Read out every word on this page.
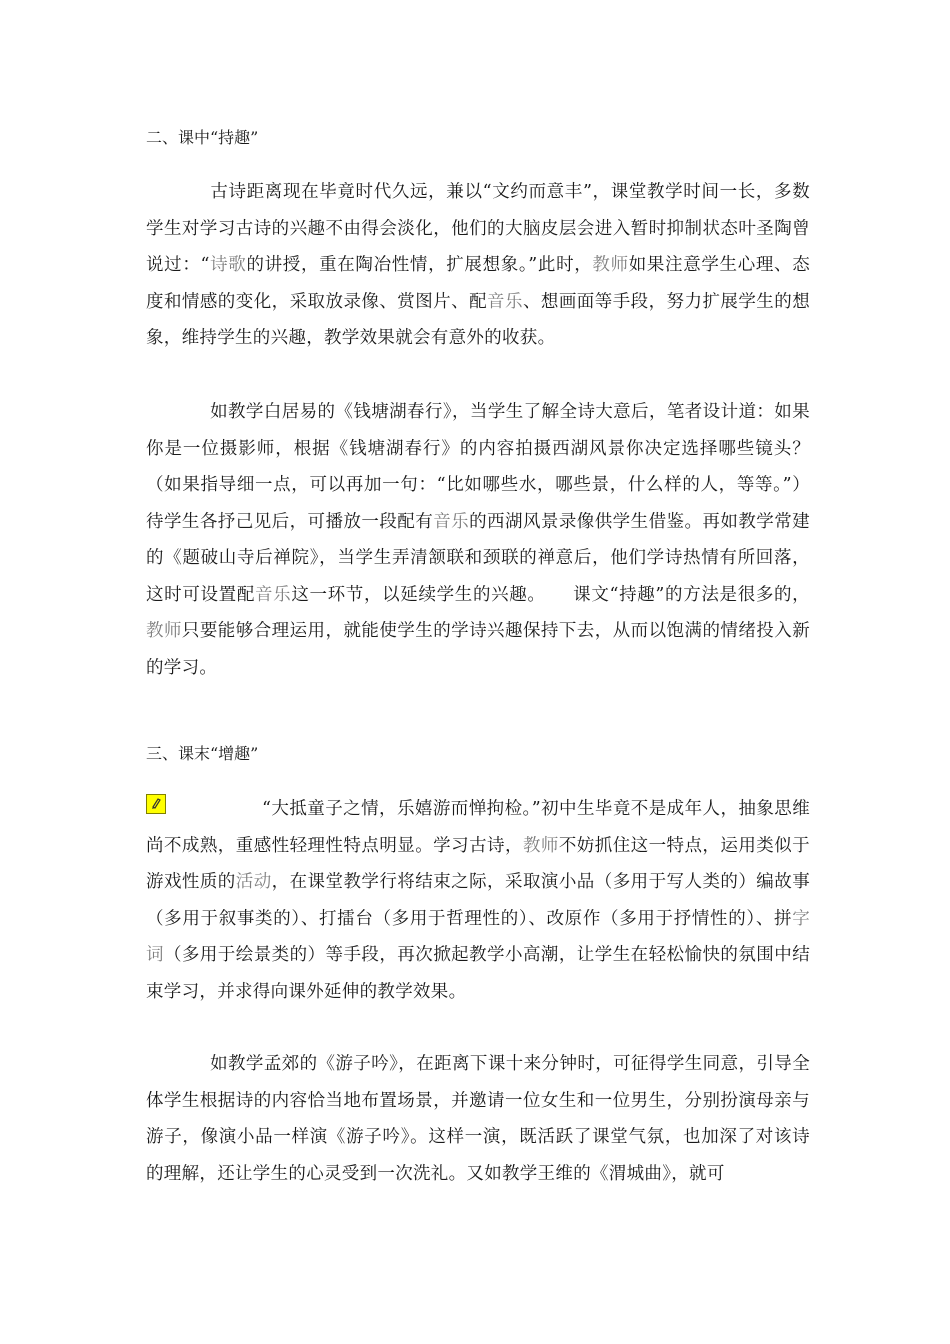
二、课中“持趣”
古诗距离现在毕竟时代久远，兼以“文约而意丰”，课堂教学时间一长，多数学生对学习古诗的兴趣不由得会淡化，他们的大脑皮层会进入暂时抑制状态叶圣陶曾说过：“诗歌的讲授，重在陶冶性情，扩展想象。”此时，教师如果注意学生心理、态度和情感的变化，采取放录像、赏图片、配音乐、想画面等手段，努力扩展学生的想象，维持学生的兴趣，教学效果就会有意外的收获。
如教学白居易的《钱塘湖春行》，当学生了解全诗大意后，笔者设计道：如果你是一位摄影师，根据《钱塘湖春行》的内容拍摄西湖风景你决定选择哪些镜头？（如果指导细一点，可以再加一句：“比如哪些水，哪些景，什么样的人，等等。”）待学生各抒己见后，可播放一段配有音乐的西湖风景录像供学生借鉴。再如教学常建的《题破山寺后禅院》，当学生弄清颔联和颈联的禅意后，他们学诗热情有所回落，这时可设置配音乐这一环节，以延续学生的兴趣。　　课文“持趣”的方法是很多的，教师只要能够合理运用，就能使学生的学诗兴趣保持下去，从而以饱满的情绪投入新的学习。
三、课末“增趣”
“大抵童子之情，乐嬉游而惮拘检。”初中生毕竟不是成年人，抽象思维尚不成熟，重感性轻理性特点明显。学习古诗，教师不妨抓住这一特点，运用类似于游戏性质的活动，在课堂教学行将结束之际，采取演小品（多用于写人类的）编故事（多用于叙事类的）、打擂台（多用于哲理性的）、改原作（多用于抒情性的）、拼字词（多用于绘景类的）等手段，再次掀起教学小高潮，让学生在轻松愉快的氛围中结束学习，并求得向课外延伸的教学效果。
如教学孟郊的《游子吟》，在距离下课十来分钟时，可征得学生同意，引导全体学生根据诗的内容恰当地布置场景，并邀请一位女生和一位男生，分别扮演母亲与游子，像演小品一样演《游子吟》。这样一演，既活跃了课堂气氛，也加深了对该诗的理解，还让学生的心灵受到一次洗礼。又如教学王维的《渭城曲》，就可
